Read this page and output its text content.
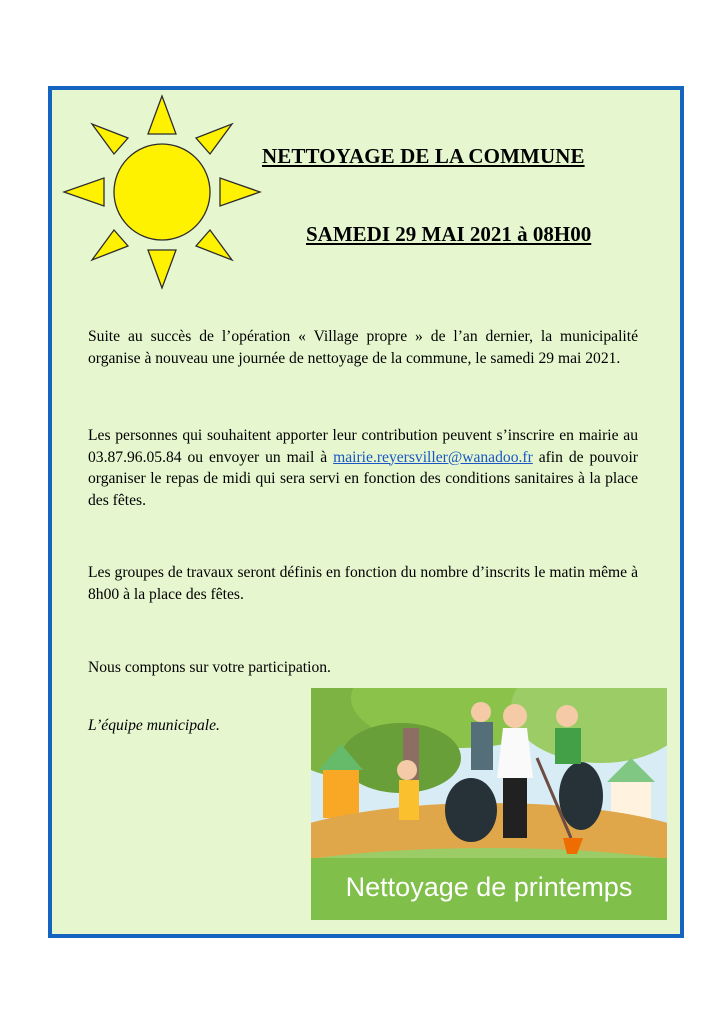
NETTOYAGE DE LA COMMUNE
SAMEDI 29 MAI 2021 à 08H00
Suite au succès de l’opération « Village propre » de l’an dernier, la municipalité organise à nouveau une journée de nettoyage de la commune, le samedi 29 mai 2021.
Les personnes qui souhaitent apporter leur contribution peuvent s’inscrire en mairie au 03.87.96.05.84 ou envoyer un mail à mairie.reyersviller@wanadoo.fr afin de pouvoir organiser le repas de midi qui sera servi en fonction des conditions sanitaires à la place des fêtes.
Les groupes de travaux seront définis en fonction du nombre d’inscrits le matin même à 8h00 à la place des fêtes.
Nous comptons sur votre participation.
L’équipe municipale.
Nettoyage de printemps
